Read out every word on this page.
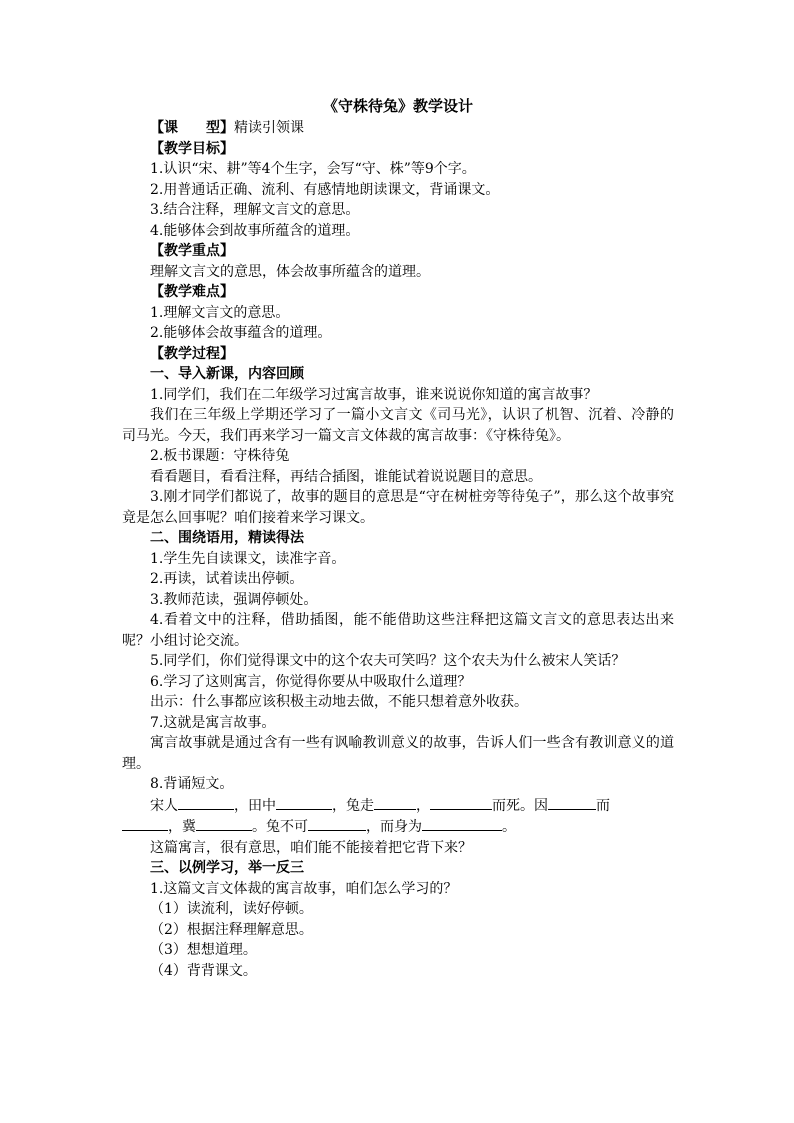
《守株待兔》教学设计
【课　　型】精读引领课
【教学目标】
1.认识“宋、耕”等4个生字，会写“守、株”等9个字。
2.用普通话正确、流利、有感情地朗读课文，背诵课文。
3.结合注释，理解文言文的意思。
4.能够体会到故事所蕴含的道理。
【教学重点】
理解文言文的意思，体会故事所蕴含的道理。
【教学难点】
1.理解文言文的意思。
2.能够体会故事蕴含的道理。
【教学过程】
一、导入新课，内容回顾
1.同学们，我们在二年级学习过寓言故事，谁来说说你知道的寓言故事？
我们在三年级上学期还学习了一篇小文言文《司马光》，认识了机智、沉着、冷静的司马光。今天，我们再来学习一篇文言文体裁的寓言故事：《守株待兔》。
2.板书课题：守株待兔
看看题目，看看注释，再结合插图，谁能试着说说题目的意思。
3.刚才同学们都说了，故事的题目的意思是“守在树桩旁等待兔子”，那么这个故事究竟是怎么回事呢？咱们接着来学习课文。
二、围绕语用，精读得法
1.学生先自读课文，读准字音。
2.再读，试着读出停顿。
3.教师范读，强调停顿处。
4.看着文中的注释，借助插图，能不能借助这些注释把这篇文言文的意思表达出来呢？小组讨论交流。
5.同学们，你们觉得课文中的这个农夫可笑吗？这个农夫为什么被宋人笑话？
6.学习了这则寓言，你觉得你要从中吸取什么道理？
出示：什么事都应该积极主动地去做，不能只想着意外收获。
7.这就是寓言故事。
寓言故事就是通过含有一些有讽喻教训意义的故事，告诉人们一些含有教训意义的道理。
8.背诵短文。
宋人	，田中	，兔走	，	而死。因	而
，冀	。兔不可	，而身为	。
这篇寓言，很有意思，咱们能不能接着把它背下来？
三、以例学习，举一反三
1.这篇文言文体裁的寓言故事，咱们怎么学习的？
（1）读流利，读好停顿。
（2）根据注释理解意思。
（3）想想道理。
（4）背背课文。
